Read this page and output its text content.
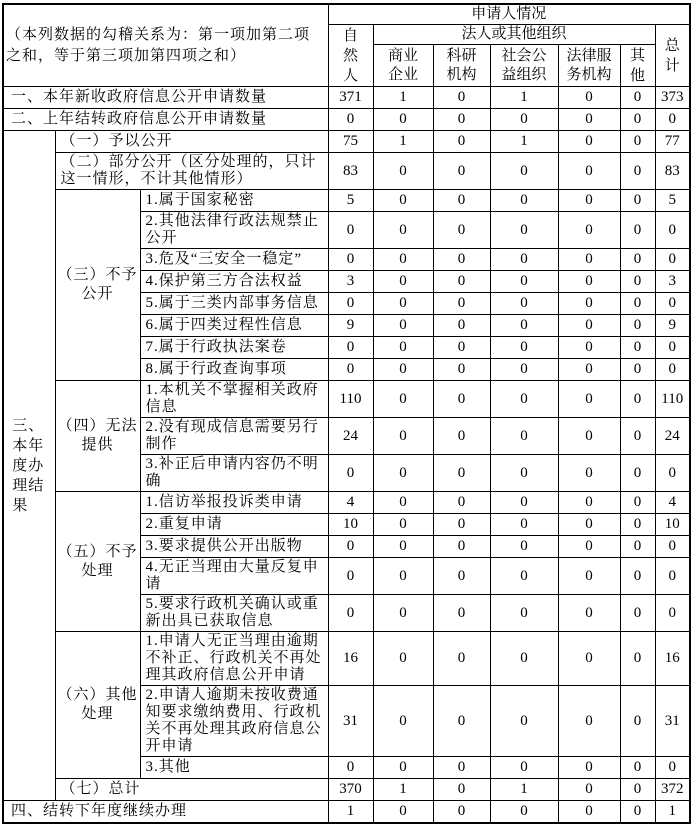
（本列数据的勾稽关系为：第一项加第二项之和，等于第三项加第四项之和）			申请人情况						
			自然人	法人或其他组织					总计
				商业企业	科研机构	社会公益组织	法律服务机构	其他	
一、本年新收政府信息公开申请数量			371	1	0	1	0	0	373
二、上年结转政府信息公开申请数量			0	0	0	0	0	0	0
三、本年度办理结果	（一）予以公开		75	1	0	1	0	0	77
	（二）部分公开（区分处理的，只计这一情形，不计其他情形）		83	0	0	0	0	0	83
	（三）不予公开	1.属于国家秘密	5	0	0	0	0	0	5
		2.其他法律行政法规禁止公开	0	0	0	0	0	0	0
		3.危及“三安全一稳定”	0	0	0	0	0	0	0
		4.保护第三方合法权益	3	0	0	0	0	0	3
		5.属于三类内部事务信息	0	0	0	0	0	0	0
		6.属于四类过程性信息	9	0	0	0	0	0	9
		7.属于行政执法案卷	0	0	0	0	0	0	0
		8.属于行政查询事项	0	0	0	0	0	0	0
	（四）无法提供	1.本机关不掌握相关政府信息	110	0	0	0	0	0	110
		2.没有现成信息需要另行制作	24	0	0	0	0	0	24
		3.补正后申请内容仍不明确	0	0	0	0	0	0	0
	（五）不予处理	1.信访举报投诉类申请	4	0	0	0	0	0	4
		2.重复申请	10	0	0	0	0	0	10
		3.要求提供公开出版物	0	0	0	0	0	0	0
		4.无正当理由大量反复申请	0	0	0	0	0	0	0
		5.要求行政机关确认或重新出具已获取信息	0	0	0	0	0	0	0
	（六）其他处理	1.申请人无正当理由逾期不补正、行政机关不再处理其政府信息公开申请	16	0	0	0	0	0	16
		2.申请人逾期未按收费通知要求缴纳费用、行政机关不再处理其政府信息公开申请	31	0	0	0	0	0	31
		3.其他	0	0	0	0	0	0	0
	（七）总计		370	1	0	1	0	0	372
四、结转下年度继续办理			1	0	0	0	0	0	1
